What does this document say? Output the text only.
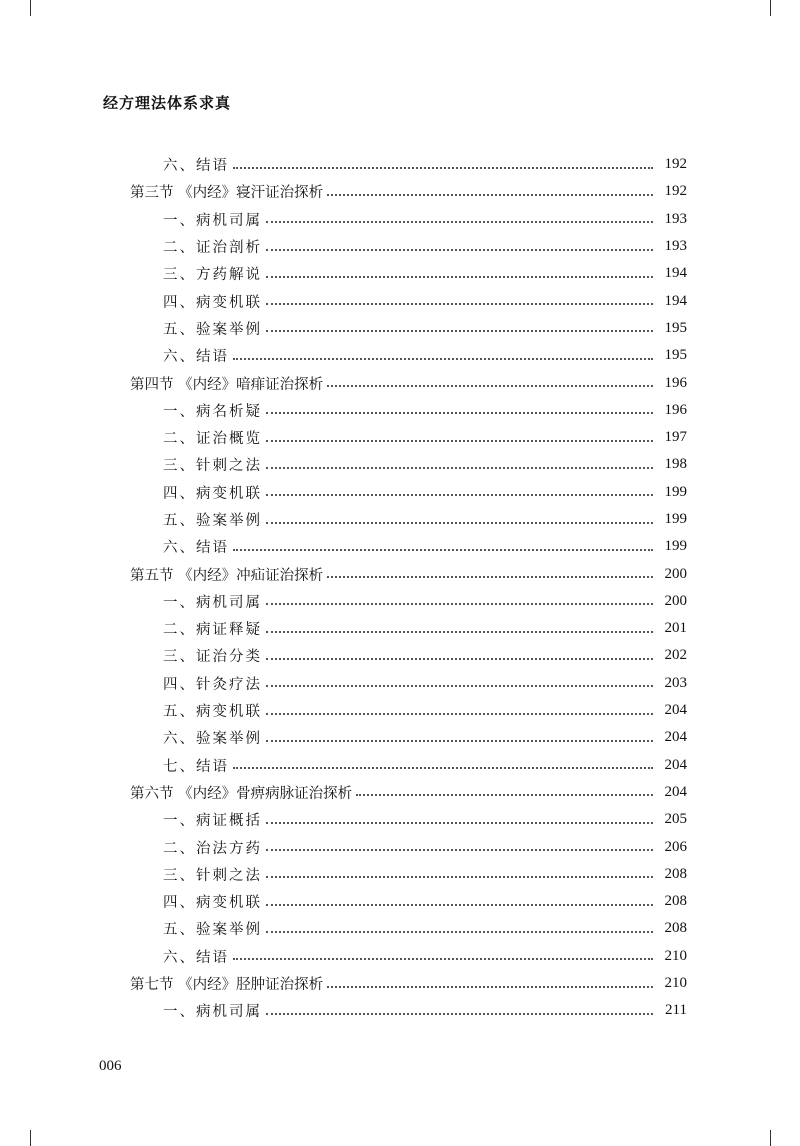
经方理法体系求真
六、结语	192
第三节 《内经》寝汗证治探析	192
一、病机司属	193
二、证治剖析	193
三、方药解说	194
四、病变机联	194
五、验案举例	195
六、结语	195
第四节 《内经》喑痱证治探析	196
一、病名析疑	196
二、证治概览	197
三、针刺之法	198
四、病变机联	199
五、验案举例	199
六、结语	199
第五节 《内经》冲疝证治探析	200
一、病机司属	200
二、病证释疑	201
三、证治分类	202
四、针灸疗法	203
五、病变机联	204
六、验案举例	204
七、结语	204
第六节 《内经》骨痹病脉证治探析	204
一、病证概括	205
二、治法方药	206
三、针刺之法	208
四、病变机联	208
五、验案举例	208
六、结语	210
第七节 《内经》胫肿证治探析	210
一、病机司属	211
006
